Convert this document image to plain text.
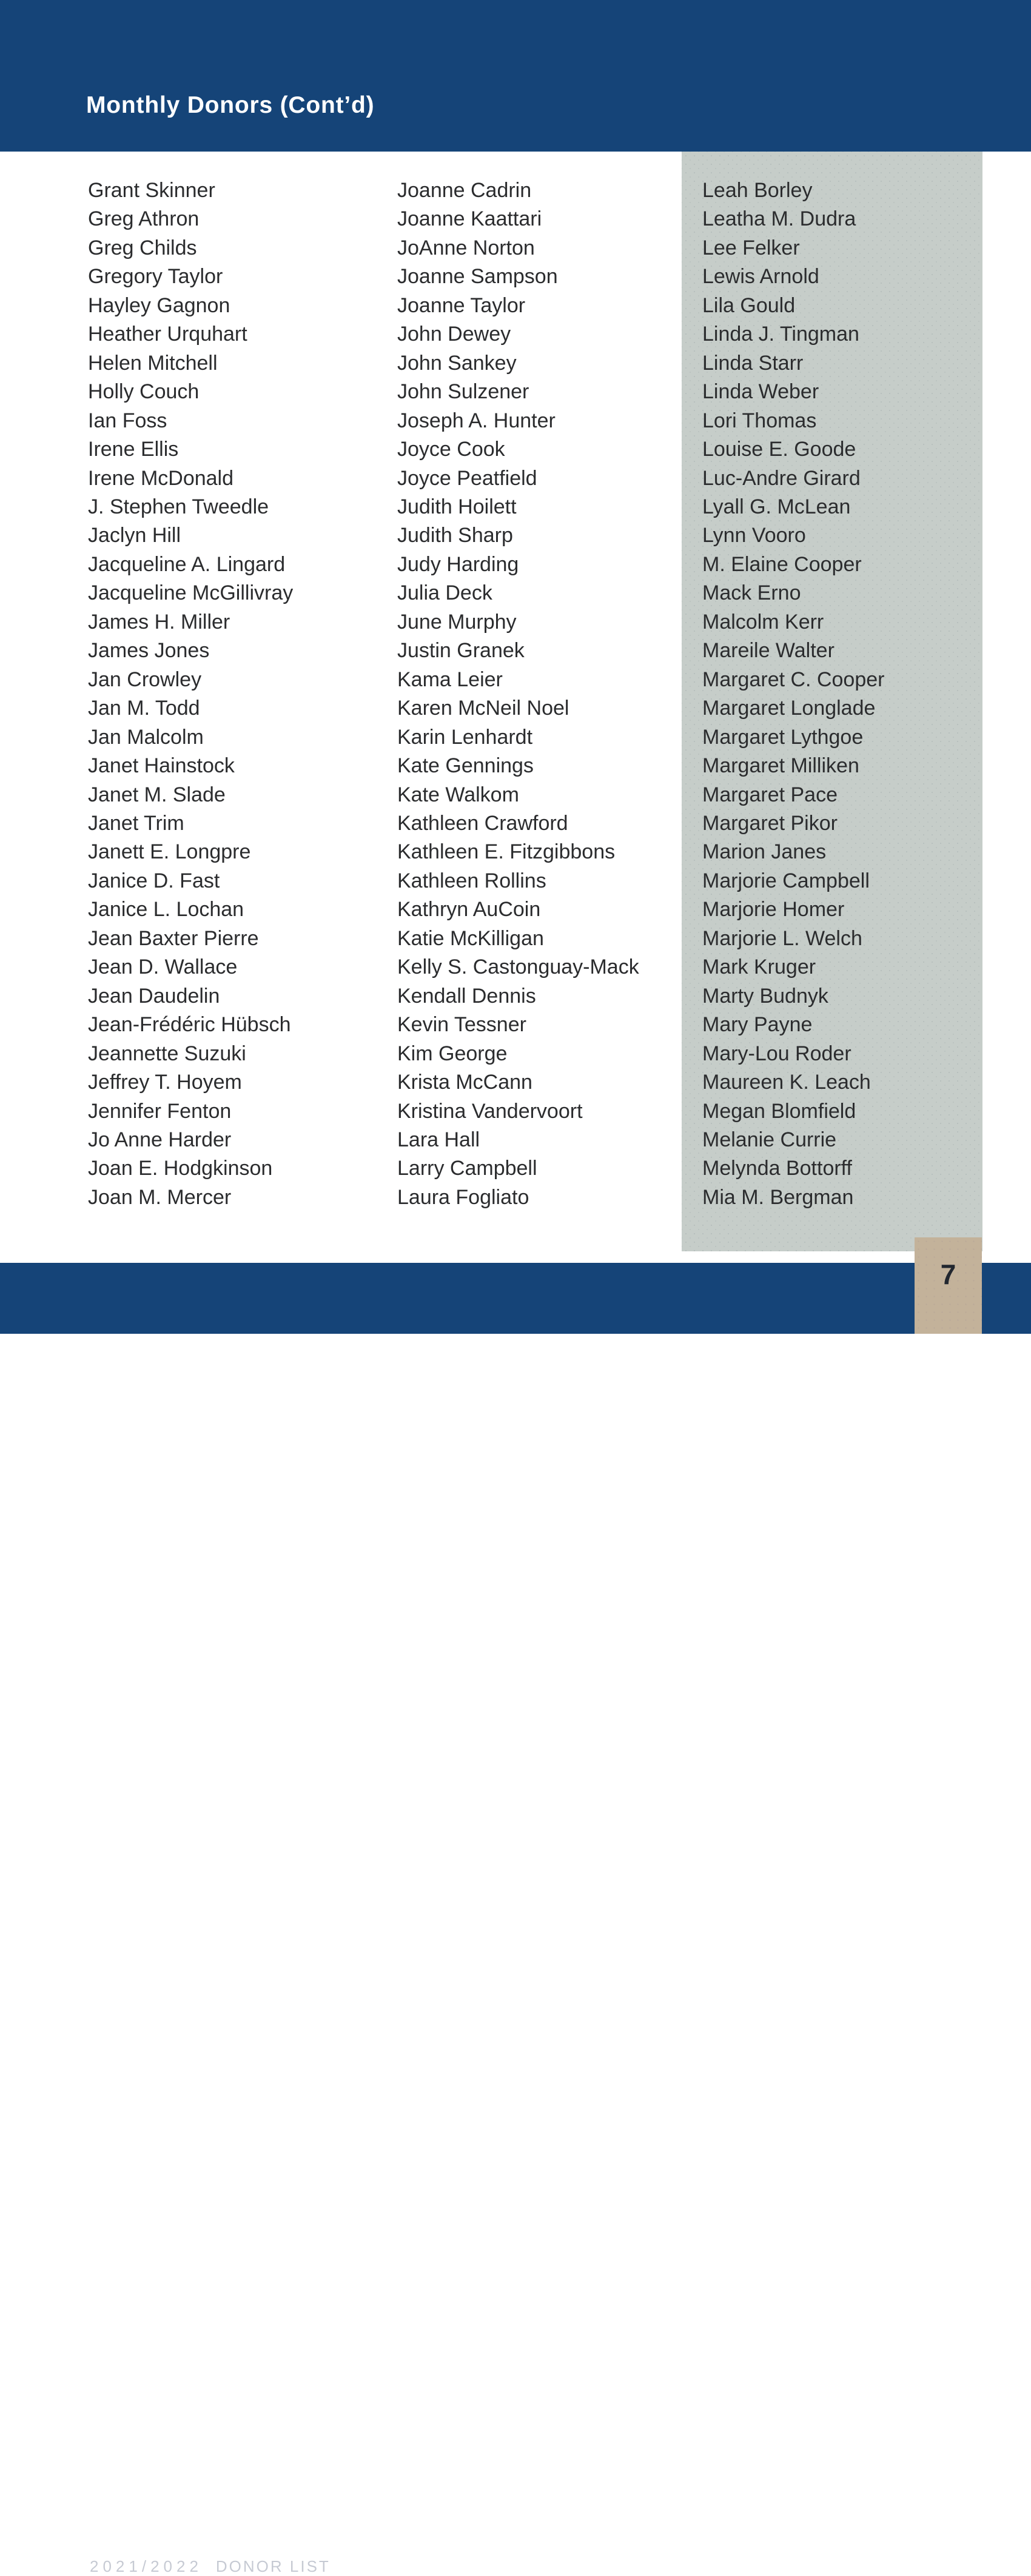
Monthly Donors (Cont’d)
Grant Skinner
Greg Athron
Greg Childs
Gregory Taylor
Hayley Gagnon
Heather Urquhart
Helen Mitchell
Holly Couch
Ian Foss
Irene Ellis
Irene McDonald
J. Stephen Tweedle
Jaclyn Hill
Jacqueline A. Lingard
Jacqueline McGillivray
James H. Miller
James Jones
Jan Crowley
Jan M. Todd
Jan Malcolm
Janet Hainstock
Janet M. Slade
Janet Trim
Janett E. Longpre
Janice D. Fast
Janice L. Lochan
Jean Baxter Pierre
Jean D. Wallace
Jean Daudelin
Jean-Frédéric Hübsch
Jeannette Suzuki
Jeffrey T. Hoyem
Jennifer Fenton
Jo Anne Harder
Joan E. Hodgkinson
Joan M. Mercer
Joanne Cadrin
Joanne Kaattari
JoAnne Norton
Joanne Sampson
Joanne Taylor
John Dewey
John Sankey
John Sulzener
Joseph A. Hunter
Joyce Cook
Joyce Peatfield
Judith Hoilett
Judith Sharp
Judy Harding
Julia Deck
June Murphy
Justin Granek
Kama Leier
Karen McNeil Noel
Karin Lenhardt
Kate Gennings
Kate Walkom
Kathleen Crawford
Kathleen E. Fitzgibbons
Kathleen Rollins
Kathryn AuCoin
Katie McKilligan
Kelly S. Castonguay-Mack
Kendall Dennis
Kevin Tessner
Kim George
Krista McCann
Kristina Vandervoort
Lara Hall
Larry Campbell
Laura Fogliato
Leah Borley
Leatha M. Dudra
Lee Felker
Lewis Arnold
Lila Gould
Linda J. Tingman
Linda Starr
Linda Weber
Lori Thomas
Louise E. Goode
Luc-Andre Girard
Lyall G. McLean
Lynn Vooro
M. Elaine Cooper
Mack Erno
Malcolm Kerr
Mareile Walter
Margaret C. Cooper
Margaret Longlade
Margaret Lythgoe
Margaret Milliken
Margaret Pace
Margaret Pikor
Marion Janes
Marjorie Campbell
Marjorie Homer
Marjorie L. Welch
Mark Kruger
Marty Budnyk
Mary Payne
Mary-Lou Roder
Maureen K. Leach
Megan Blomfield
Melanie Currie
Melynda Bottorff
Mia M. Bergman
7
2021/2022 DONOR LIST
